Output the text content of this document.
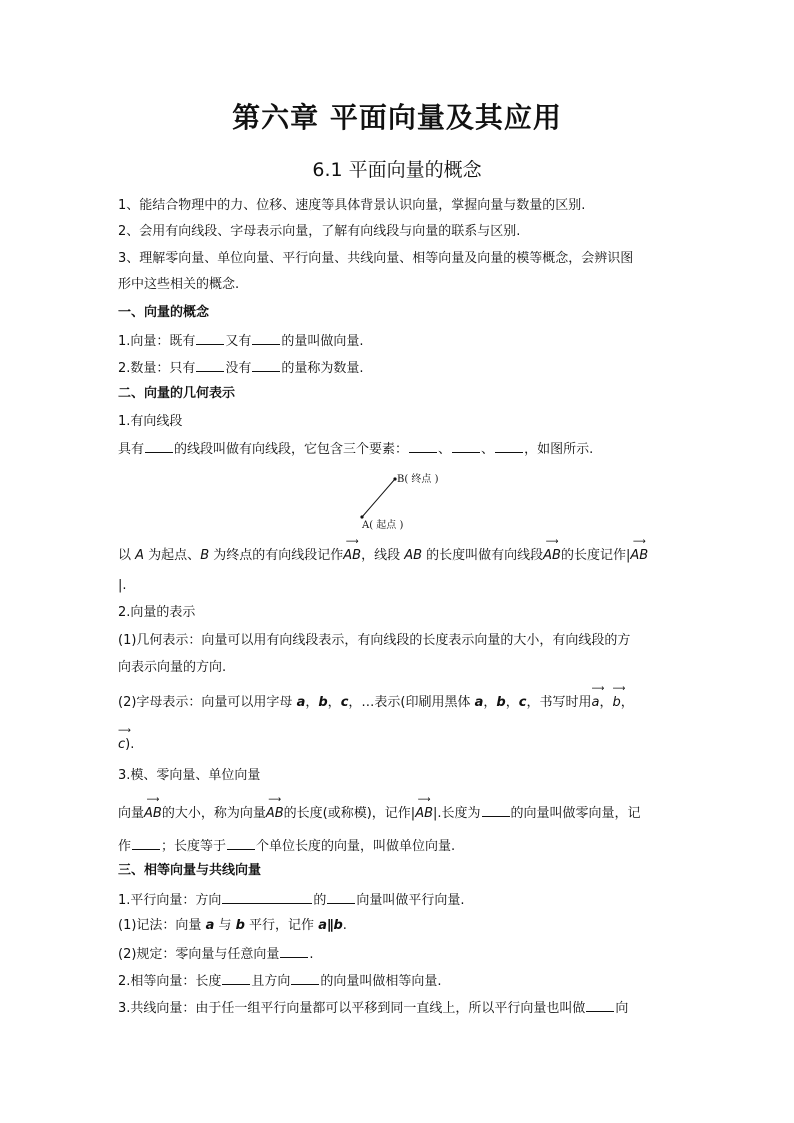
第六章 平面向量及其应用
6.1 平面向量的概念
1、能结合物理中的力、位移、速度等具体背景认识向量，掌握向量与数量的区别.
2、会用有向线段、字母表示向量，了解有向线段与向量的联系与区别.
3、理解零向量、单位向量、平行向量、共线向量、相等向量及向量的模等概念，会辨识图
形中这些相关的概念.
一、向量的概念
1.向量：既有 又有 的量叫做向量.
2.数量：只有 没有 的量称为数量.
二、向量的几何表示
1.有向线段
具有 的线段叫做有向线段，它包含三个要素： 、 、 ，如图所示.
B( 终点 )
A( 起点 )
以 A 为起点、B 为终点的有向线段记作
⟶
AB，线段 AB 的长度叫做有向线段
⟶
AB的长度记作|
⟶
AB
|.
2.向量的表示
(1)几何表示：向量可以用有向线段表示，有向线段的长度表示向量的大小，有向线段的方
向表示向量的方向.
(2)字母表示：向量可以用字母 a，b，c，…表示(印刷用黑体 a，b，c，书写时用
⟶
a，
⟶
b，
⟶
c).
3.模、零向量、单位向量
向量
⟶
AB的大小，称为向量
⟶
AB的长度(或称模)，记作|
⟶
AB|.长度为 的向量叫做零向量，记
作 ；长度等于 个单位长度的向量，叫做单位向量.
三、相等向量与共线向量
1.平行向量：方向	的 向量叫做平行向量.
(1)记法：向量 a 与 b 平行，记作 a∥b.
(2)规定：零向量与任意向量 .
2.相等向量：长度 且方向 的向量叫做相等向量.
3.共线向量：由于任一组平行向量都可以平移到同一直线上，所以平行向量也叫做 向
